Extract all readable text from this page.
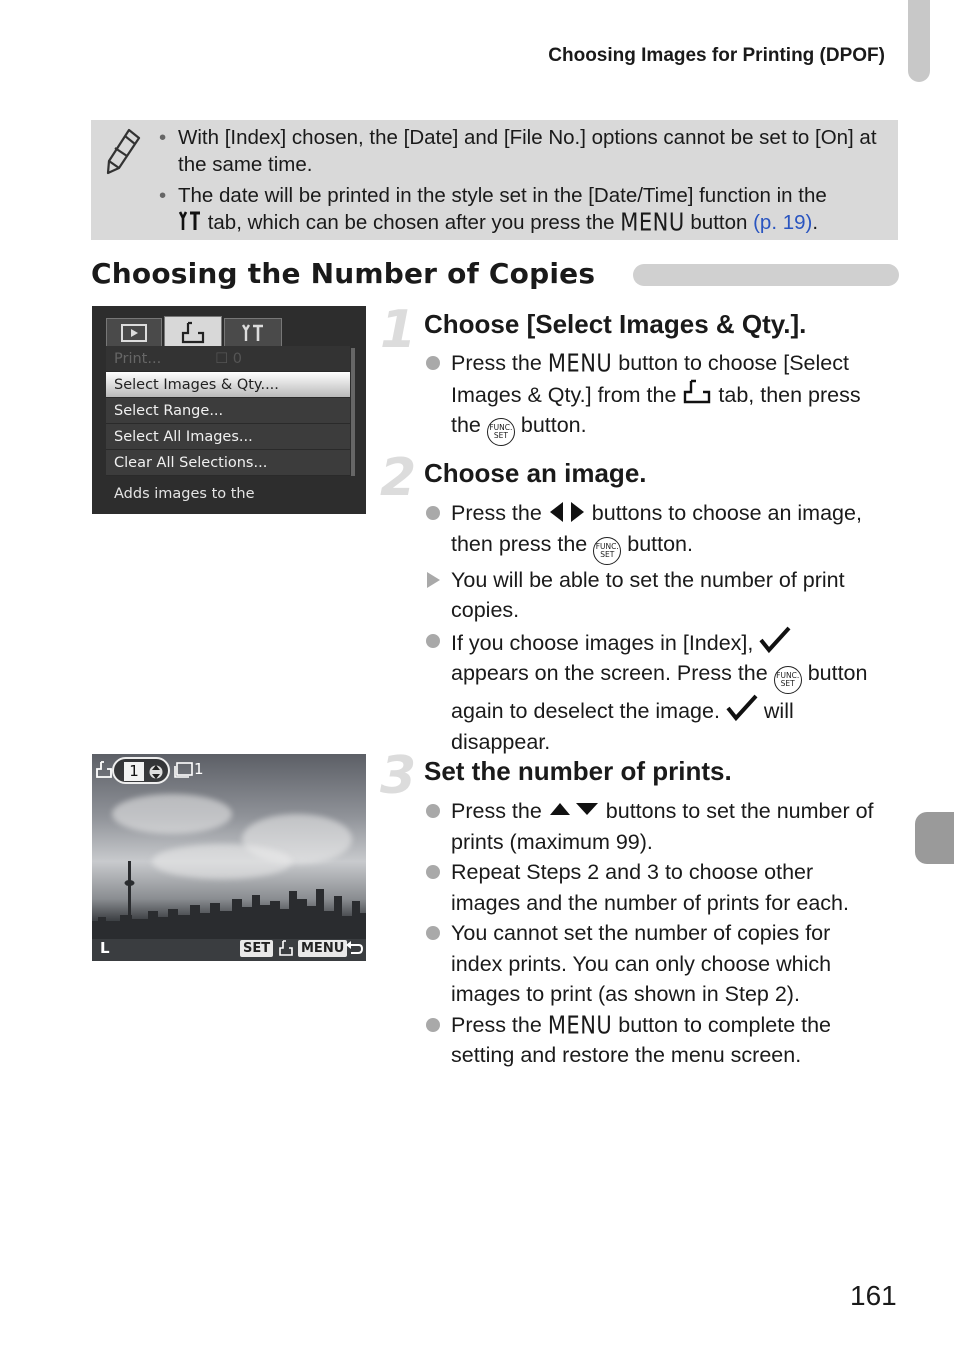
Choosing Images for Printing (DPOF)
• With [Index] chosen, the [Date] and [File No.] options cannot be set to [On] at the same time.
• The date will be printed in the style set in the [Date/Time] function in the
tab, which can be chosen after you press the MENU button (p. 19).
Choosing the Number of Copies
Print...	☐ 0
Select Images & Qty....
Select Range...
Select All Images...
Clear All Selections...
Adds images to the
1	1
L	SET MENU
1 Choose [Select Images & Qty.].
Press the MENU button to choose [Select Images & Qty.] from the tab, then press the FUNC.
SET button.
2 Choose an image.
Press the buttons to choose an image, then press the FUNC.
SET button.
You will be able to set the number of print copies.
If you choose images in [Index],  appears on the screen. Press the FUNC.
SET button again to deselect the image. will disappear.
3 Set the number of prints.
Press the	buttons to set the number of prints (maximum 99).
Repeat Steps 2 and 3 to choose other images and the number of prints for each.
You cannot set the number of copies for index prints. You can only choose which images to print (as shown in Step 2).
Press the MENU button to complete the setting and restore the menu screen.
161
